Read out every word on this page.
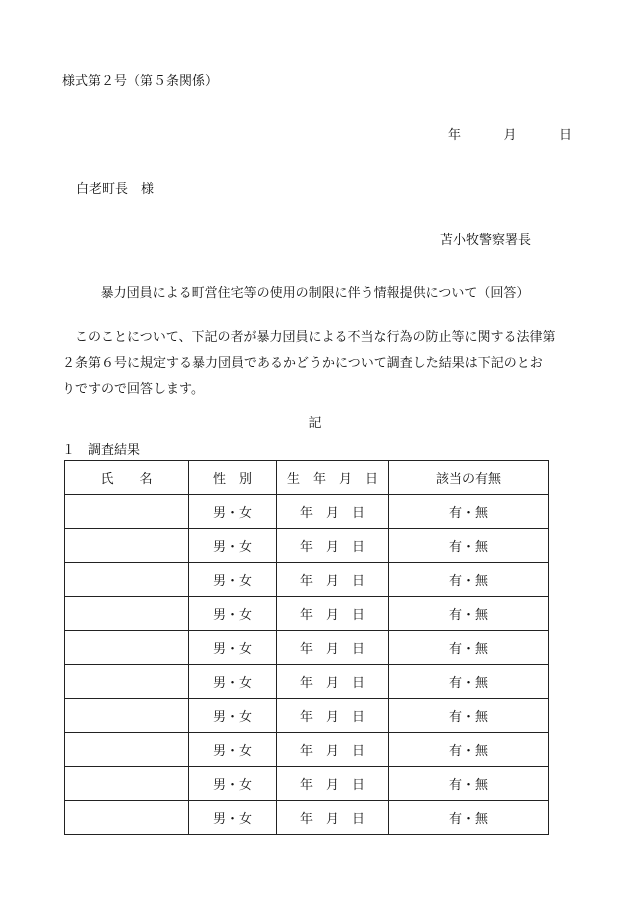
様式第２号（第５条関係）
年	月	日
白老町長　様
苫小牧警察署長
暴力団員による町営住宅等の使用の制限に伴う情報提供について（回答）

　このことについて、下記の者が暴力団員による不当な行為の防止等に関する法律第

２条第６号に規定する暴力団員であるかどうかについて調査した結果は下記のとお

りですので回答します。

記
１　調査結果
氏　　名	性　別	生　年　月　日	該当の有無
	男・女	年　月　日	有・無
	男・女	年　月　日	有・無
	男・女	年　月　日	有・無
	男・女	年　月　日	有・無
	男・女	年　月　日	有・無
	男・女	年　月　日	有・無
	男・女	年　月　日	有・無
	男・女	年　月　日	有・無
	男・女	年　月　日	有・無
	男・女	年　月　日	有・無
